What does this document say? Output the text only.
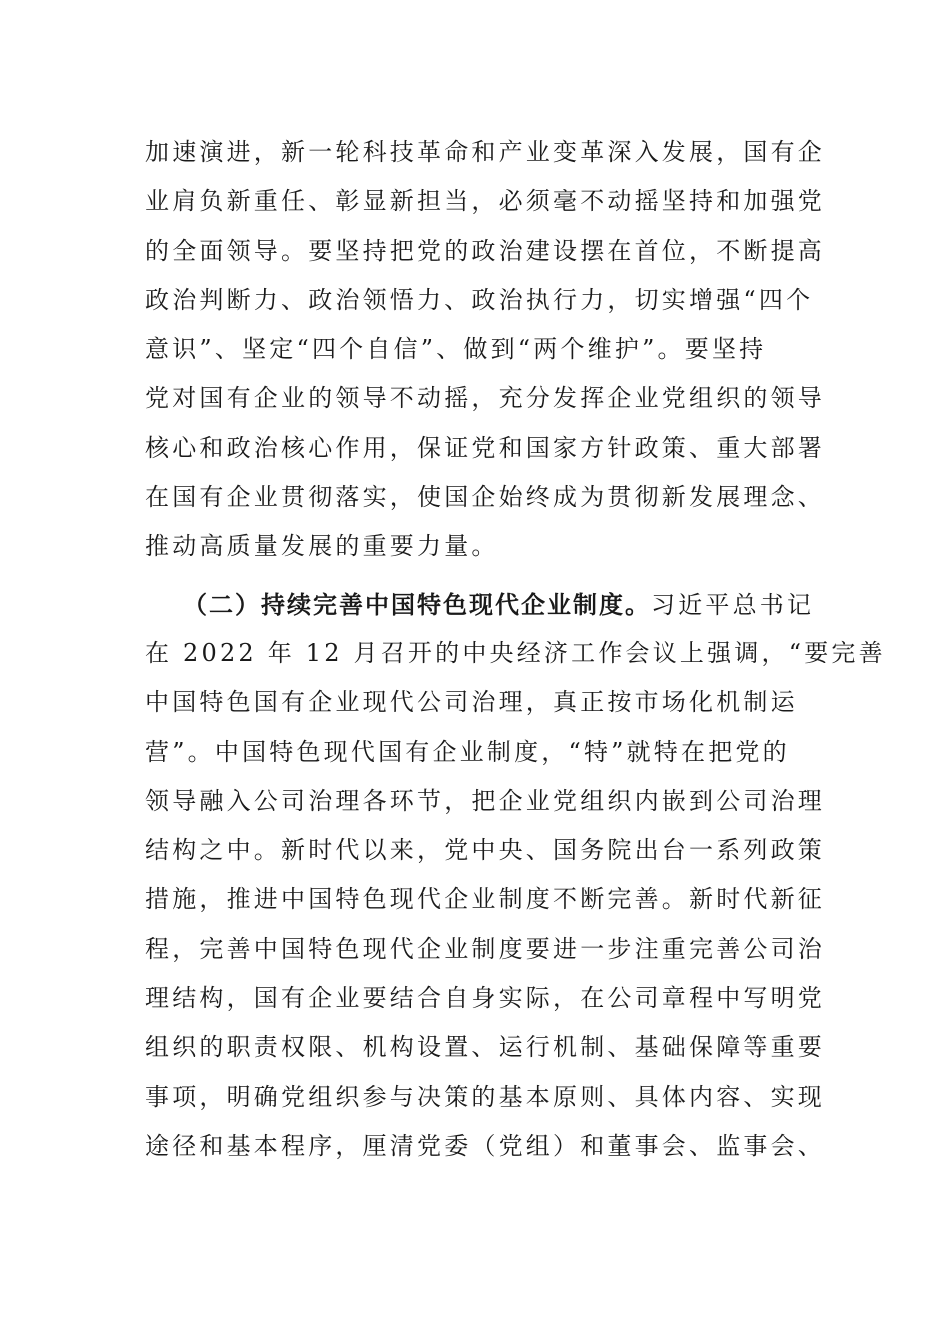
加速演进，新一轮科技革命和产业变革深入发展，国有企
业肩负新重任、彰显新担当，必须毫不动摇坚持和加强党
的全面领导。要坚持把党的政治建设摆在首位，不断提高
政治判断力、政治领悟力、政治执行力，切实增强“四个
意识”、坚定“四个自信”、做到“两个维护”。要坚持
党对国有企业的领导不动摇，充分发挥企业党组织的领导
核心和政治核心作用，保证党和国家方针政策、重大部署
在国有企业贯彻落实，使国企始终成为贯彻新发展理念、
推动高质量发展的重要力量。
（二）持续完善中国特色现代企业制度。习近平总书记
在 2022 年 12 月召开的中央经济工作会议上强调，“要完善
中国特色国有企业现代公司治理，真正按市场化机制运
营”。中国特色现代国有企业制度，“特”就特在把党的
领导融入公司治理各环节，把企业党组织内嵌到公司治理
结构之中。新时代以来，党中央、国务院出台一系列政策
措施，推进中国特色现代企业制度不断完善。新时代新征
程，完善中国特色现代企业制度要进一步注重完善公司治
理结构，国有企业要结合自身实际，在公司章程中写明党
组织的职责权限、机构设置、运行机制、基础保障等重要
事项，明确党组织参与决策的基本原则、具体内容、实现
途径和基本程序，厘清党委（党组）和董事会、监事会、
